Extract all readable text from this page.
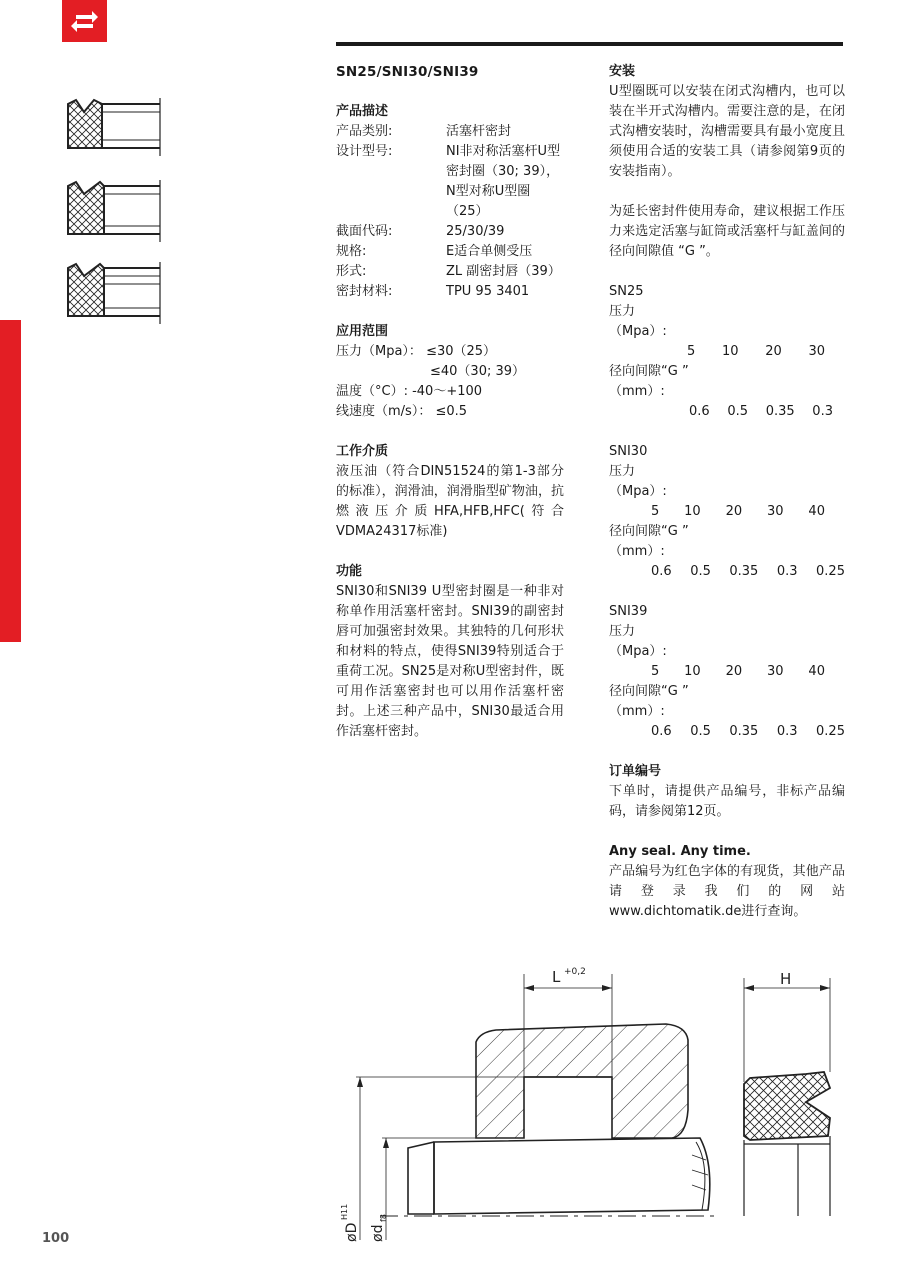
SN25/SNI30/SNI39

产品描述

产品类别:	活塞杆密封
设计型号:	NI非对称活塞杆U型密封圈（30; 39），N型对称U型圈（25）
截面代码:	25/30/39
规格:	E适合单侧受压
形式:	ZL 副密封唇（39）
密封材料:	TPU 95 3401

应用范围

压力（Mpa）： ≤30（25）
≤40（30; 39）
温度（°C）: -40～+100
线速度（m/s）： ≤0.5

工作介质

液压油（符合DIN51524的第1-3部分的标准），润滑油，润滑脂型矿物油，抗燃液压介质HFA,HFB,HFC(符合VDMA24317标准)

功能

SNI30和SNI39 U型密封圈是一种非对称单作用活塞杆密封。SNI39的副密封唇可加强密封效果。其独特的几何形状和材料的特点，使得SNI39特别适合于重荷工况。SN25是对称U型密封件，既可用作活塞密封也可以用作活塞杆密封。上述三种产品中，SNI30最适合用作活塞杆密封。

安装

U型圈既可以安装在闭式沟槽内，也可以装在半开式沟槽内。需要注意的是，在闭式沟槽安装时，沟槽需要具有最小宽度且须使用合适的安装工具（请参阅第9页的安装指南）。

为延长密封件使用寿命，建议根据工作压力来选定活塞与缸筒或活塞杆与缸盖间的径向间隙值 “G ”。

SN25
压力
（Mpa）:
5 10 20 30
径向间隙“G ”
（mm）:
0.6 0.5 0.35 0.3
SNI30
压力
（Mpa）:
5 10 20 30 40
径向间隙“G ”
（mm）:
0.6 0.5 0.35 0.3 0.25
SNI39
压力
（Mpa）:
5 10 20 30 40
径向间隙“G ”
（mm）:
0.6 0.5 0.35 0.3 0.25

订单编号

下单时，请提供产品编号，非标产品编码，请参阅第12页。

Any seal. Any time.

产品编号为红色字体的有现货，其他产品请登录我们的网站www.dichtomatik.de进行查询。

L +0,2	H
øD
H11
ød
f8
100
